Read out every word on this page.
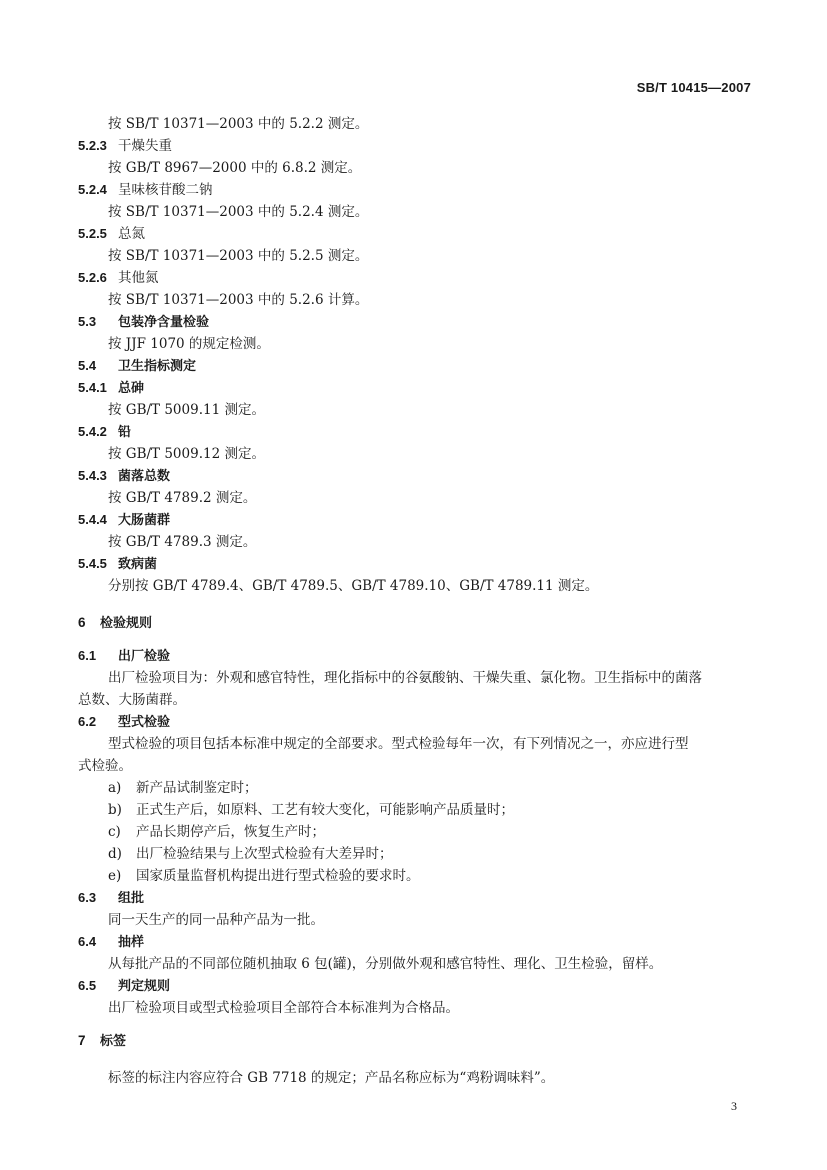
SB/T 10415—2007
按 SB/T 10371—2003 中的 5.2.2 测定。
5.2.3 干燥失重
按 GB/T 8967—2000 中的 6.8.2 测定。
5.2.4 呈味核苷酸二钠
按 SB/T 10371—2003 中的 5.2.4 测定。
5.2.5 总氮
按 SB/T 10371—2003 中的 5.2.5 测定。
5.2.6 其他氮
按 SB/T 10371—2003 中的 5.2.6 计算。
5.3 包装净含量检验
按 JJF 1070 的规定检测。
5.4 卫生指标测定
5.4.1 总砷
按 GB/T 5009.11 测定。
5.4.2 铅
按 GB/T 5009.12 测定。
5.4.3 菌落总数
按 GB/T 4789.2 测定。
5.4.4 大肠菌群
按 GB/T 4789.3 测定。
5.4.5 致病菌
分别按 GB/T 4789.4、GB/T 4789.5、GB/T 4789.10、GB/T 4789.11 测定。
6 检验规则
6.1 出厂检验
出厂检验项目为：外观和感官特性，理化指标中的谷氨酸钠、干燥失重、氯化物。卫生指标中的菌落
总数、大肠菌群。
6.2 型式检验
型式检验的项目包括本标准中规定的全部要求。型式检验每年一次，有下列情况之一，亦应进行型
式检验。
a) 新产品试制鉴定时；
b) 正式生产后，如原料、工艺有较大变化，可能影响产品质量时；
c) 产品长期停产后，恢复生产时；
d) 出厂检验结果与上次型式检验有大差异时；
e) 国家质量监督机构提出进行型式检验的要求时。
6.3 组批
同一天生产的同一品种产品为一批。
6.4 抽样
从每批产品的不同部位随机抽取 6 包(罐)，分别做外观和感官特性、理化、卫生检验，留样。
6.5 判定规则
出厂检验项目或型式检验项目全部符合本标准判为合格品。
7 标签
标签的标注内容应符合 GB 7718 的规定；产品名称应标为“鸡粉调味料”。
3
